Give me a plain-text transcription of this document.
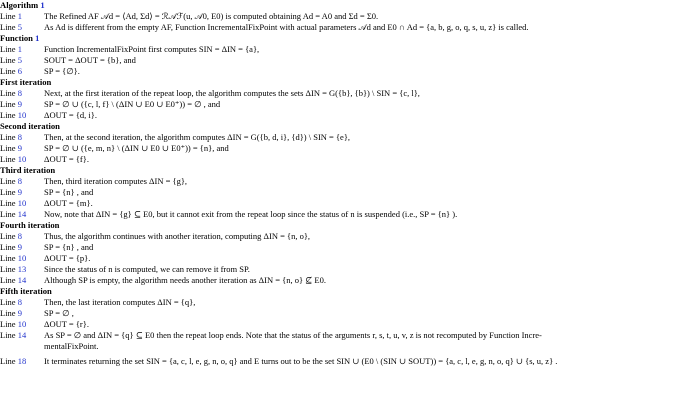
Algorithm 1
Line 1	The Refined AF 𝒜d = ⟨Ad, Σd⟩ = ℛ𝒜ℱ(u, 𝒜0, E0) is computed obtaining Ad = A0 and Σd = Σ0.
Line 5	As Ad is different from the empty AF, Function IncrementalFixPoint with actual parameters 𝒜d and E0 ∩ Ad = {a, b, g, o, q, s, u, z} is called.
Function 1
Line 1	Function IncrementalFixPoint first computes SIN = ΔIN = {a},
Line 5	SOUT = ΔOUT = {b}, and
Line 6	SP = {∅}.
First iteration
Line 8	Next, at the first iteration of the repeat loop, the algorithm computes the sets ΔIN = G({b}, {b}) \ SIN = {c, l},
Line 9	SP = ∅ ∪ ({c, l, f} \ (ΔIN ∪ E0 ∪ E0⁺)) = ∅ , and
Line 10 ΔOUT = {d, i}.
Second iteration
Line 8	Then, at the second iteration, the algorithm computes ΔIN = G({b, d, i}, {d}) \ SIN = {e},
Line 9	SP = ∅ ∪ ({e, m, n} \ (ΔIN ∪ E0 ∪ E0⁺)) = {n}, and
Line 10 ΔOUT = {f}.
Third iteration
Line 8	Then, third iteration computes ΔIN = {g},
Line 9	SP = {n} , and
Line 10 ΔOUT = {m}.
Line 14 Now, note that ΔIN = {g} ⊆ E0, but it cannot exit from the repeat loop since the status of n is suspended (i.e., SP = {n} ).
Fourth iteration
Line 8	Thus, the algorithm continues with another iteration, computing ΔIN = {n, o},
Line 9	SP = {n} , and
Line 10 ΔOUT = {p}.
Line 13 Since the status of n is computed, we can remove it from SP.
Line 14 Although SP is empty, the algorithm needs another iteration as ΔIN = {n, o} ⊈ E0.
Fifth iteration
Line 8	Then, the last iteration computes ΔIN = {q},
Line 9	SP = ∅ ,
Line 10 ΔOUT = {r}.
Line 14 As SP = ∅ and ΔIN = {q} ⊆ E0 then the repeat loop ends. Note that the status of the arguments r, s, t, u, v, z is not recomputed by Function Incre-
mentalFixPoint.
Line 18 It terminates returning the set SIN = {a, c, l, e, g, n, o, q} and E turns out to be the set SIN ∪ (E0 \ (SIN ∪ SOUT)) = {a, c, l, e, g, n, o, q} ∪ {s, u, z} .
